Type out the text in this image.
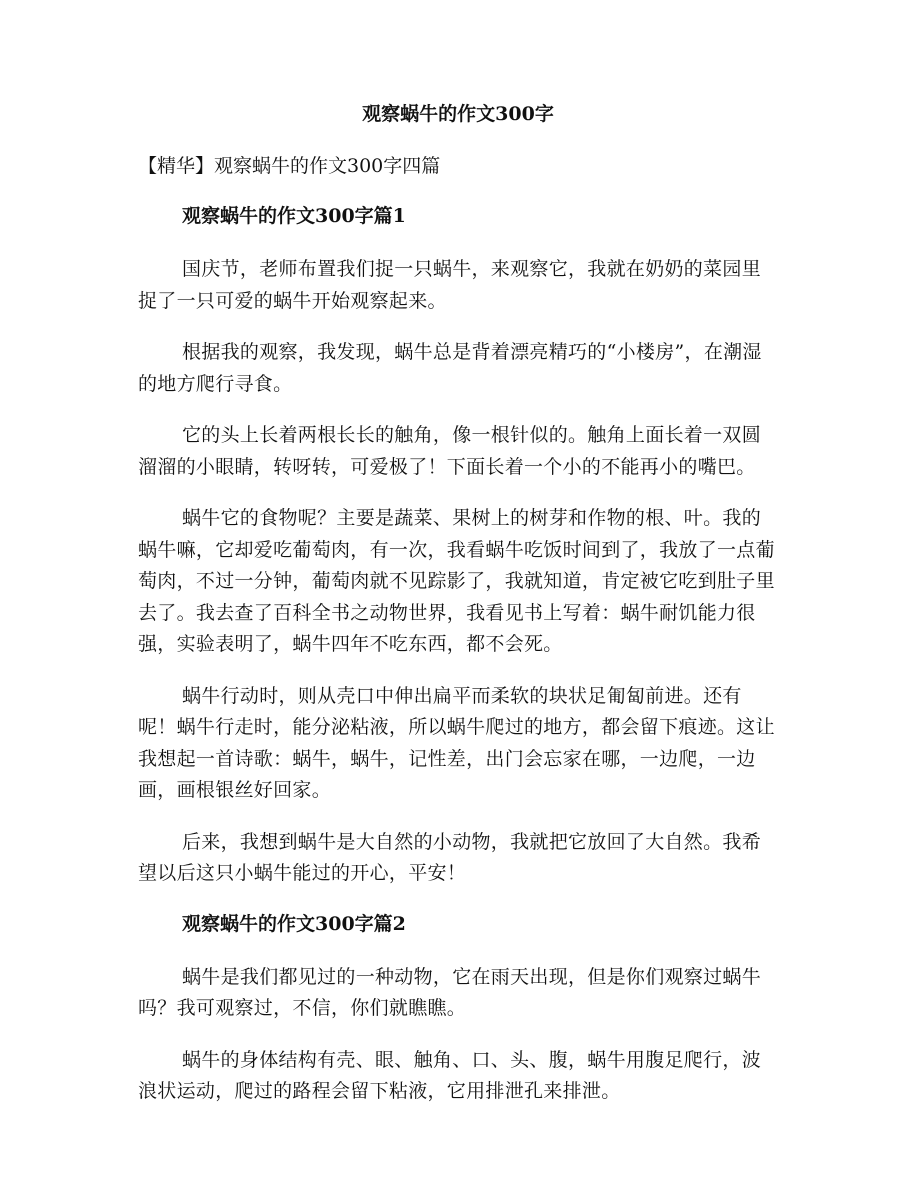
观察蜗牛的作文300字

【精华】观察蜗牛的作文300字四篇

观察蜗牛的作文300字篇1

国庆节，老师布置我们捉一只蜗牛，来观察它，我就在奶奶的菜园里捉了一只可爱的蜗牛开始观察起来。

根据我的观察，我发现，蜗牛总是背着漂亮精巧的“小楼房”，在潮湿的地方爬行寻食。

它的头上长着两根长长的触角，像一根针似的。触角上面长着一双圆溜溜的小眼睛，转呀转，可爱极了！下面长着一个小的不能再小的嘴巴。

蜗牛它的食物呢？主要是蔬菜、果树上的树芽和作物的根、叶。我的蜗牛嘛，它却爱吃葡萄肉，有一次，我看蜗牛吃饭时间到了，我放了一点葡萄肉，不过一分钟，葡萄肉就不见踪影了，我就知道，肯定被它吃到肚子里去了。我去查了百科全书之动物世界，我看见书上写着：蜗牛耐饥能力很强，实验表明了，蜗牛四年不吃东西，都不会死。

蜗牛行动时，则从壳口中伸出扁平而柔软的块状足匍匐前进。还有呢！蜗牛行走时，能分泌粘液，所以蜗牛爬过的地方，都会留下痕迹。这让我想起一首诗歌：蜗牛，蜗牛，记性差，出门会忘家在哪，一边爬，一边画，画根银丝好回家。

后来，我想到蜗牛是大自然的小动物，我就把它放回了大自然。我希望以后这只小蜗牛能过的开心，平安！

观察蜗牛的作文300字篇2

蜗牛是我们都见过的一种动物，它在雨天出现，但是你们观察过蜗牛吗？我可观察过，不信，你们就瞧瞧。

蜗牛的身体结构有壳、眼、触角、口、头、腹，蜗牛用腹足爬行，波浪状运动，爬过的路程会留下粘液，它用排泄孔来排泄。
